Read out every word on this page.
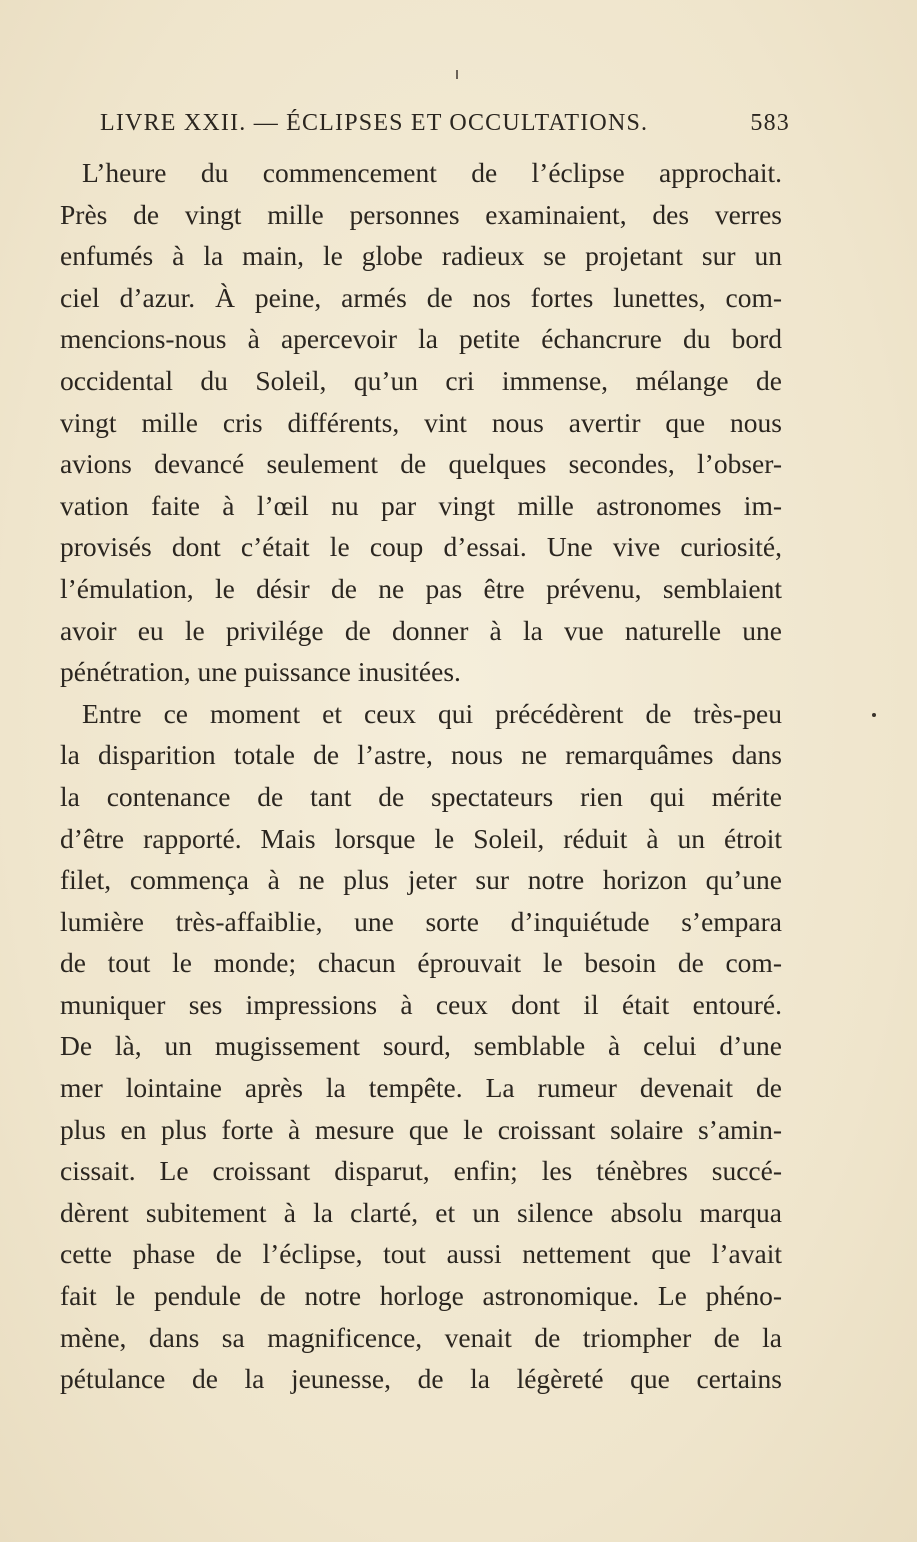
LIVRE XXII. — ÉCLIPSES ET OCCULTATIONS.	583
L’heure du commencement de l’éclipse approchait.
Près de vingt mille personnes examinaient, des verres
enfumés à la main, le globe radieux se projetant sur un
ciel d’azur. À peine, armés de nos fortes lunettes, com-
mencions-nous à apercevoir la petite échancrure du bord
occidental du Soleil, qu’un cri immense, mélange de
vingt mille cris différents, vint nous avertir que nous
avions devancé seulement de quelques secondes, l’obser-
vation faite à l’œil nu par vingt mille astronomes im-
provisés dont c’était le coup d’essai. Une vive curiosité,
l’émulation, le désir de ne pas être prévenu, semblaient
avoir eu le privilége de donner à la vue naturelle une
pénétration, une puissance inusitées.
Entre ce moment et ceux qui précédèrent de très-peu
la disparition totale de l’astre, nous ne remarquâmes dans
la contenance de tant de spectateurs rien qui mérite
d’être rapporté. Mais lorsque le Soleil, réduit à un étroit
filet, commença à ne plus jeter sur notre horizon qu’une
lumière très-affaiblie, une sorte d’inquiétude s’empara
de tout le monde; chacun éprouvait le besoin de com-
muniquer ses impressions à ceux dont il était entouré.
De là, un mugissement sourd, semblable à celui d’une
mer lointaine après la tempête. La rumeur devenait de
plus en plus forte à mesure que le croissant solaire s’amin-
cissait. Le croissant disparut, enfin; les ténèbres succé-
dèrent subitement à la clarté, et un silence absolu marqua
cette phase de l’éclipse, tout aussi nettement que l’avait
fait le pendule de notre horloge astronomique. Le phéno-
mène, dans sa magnificence, venait de triompher de la
pétulance de la jeunesse, de la légèreté que certains
